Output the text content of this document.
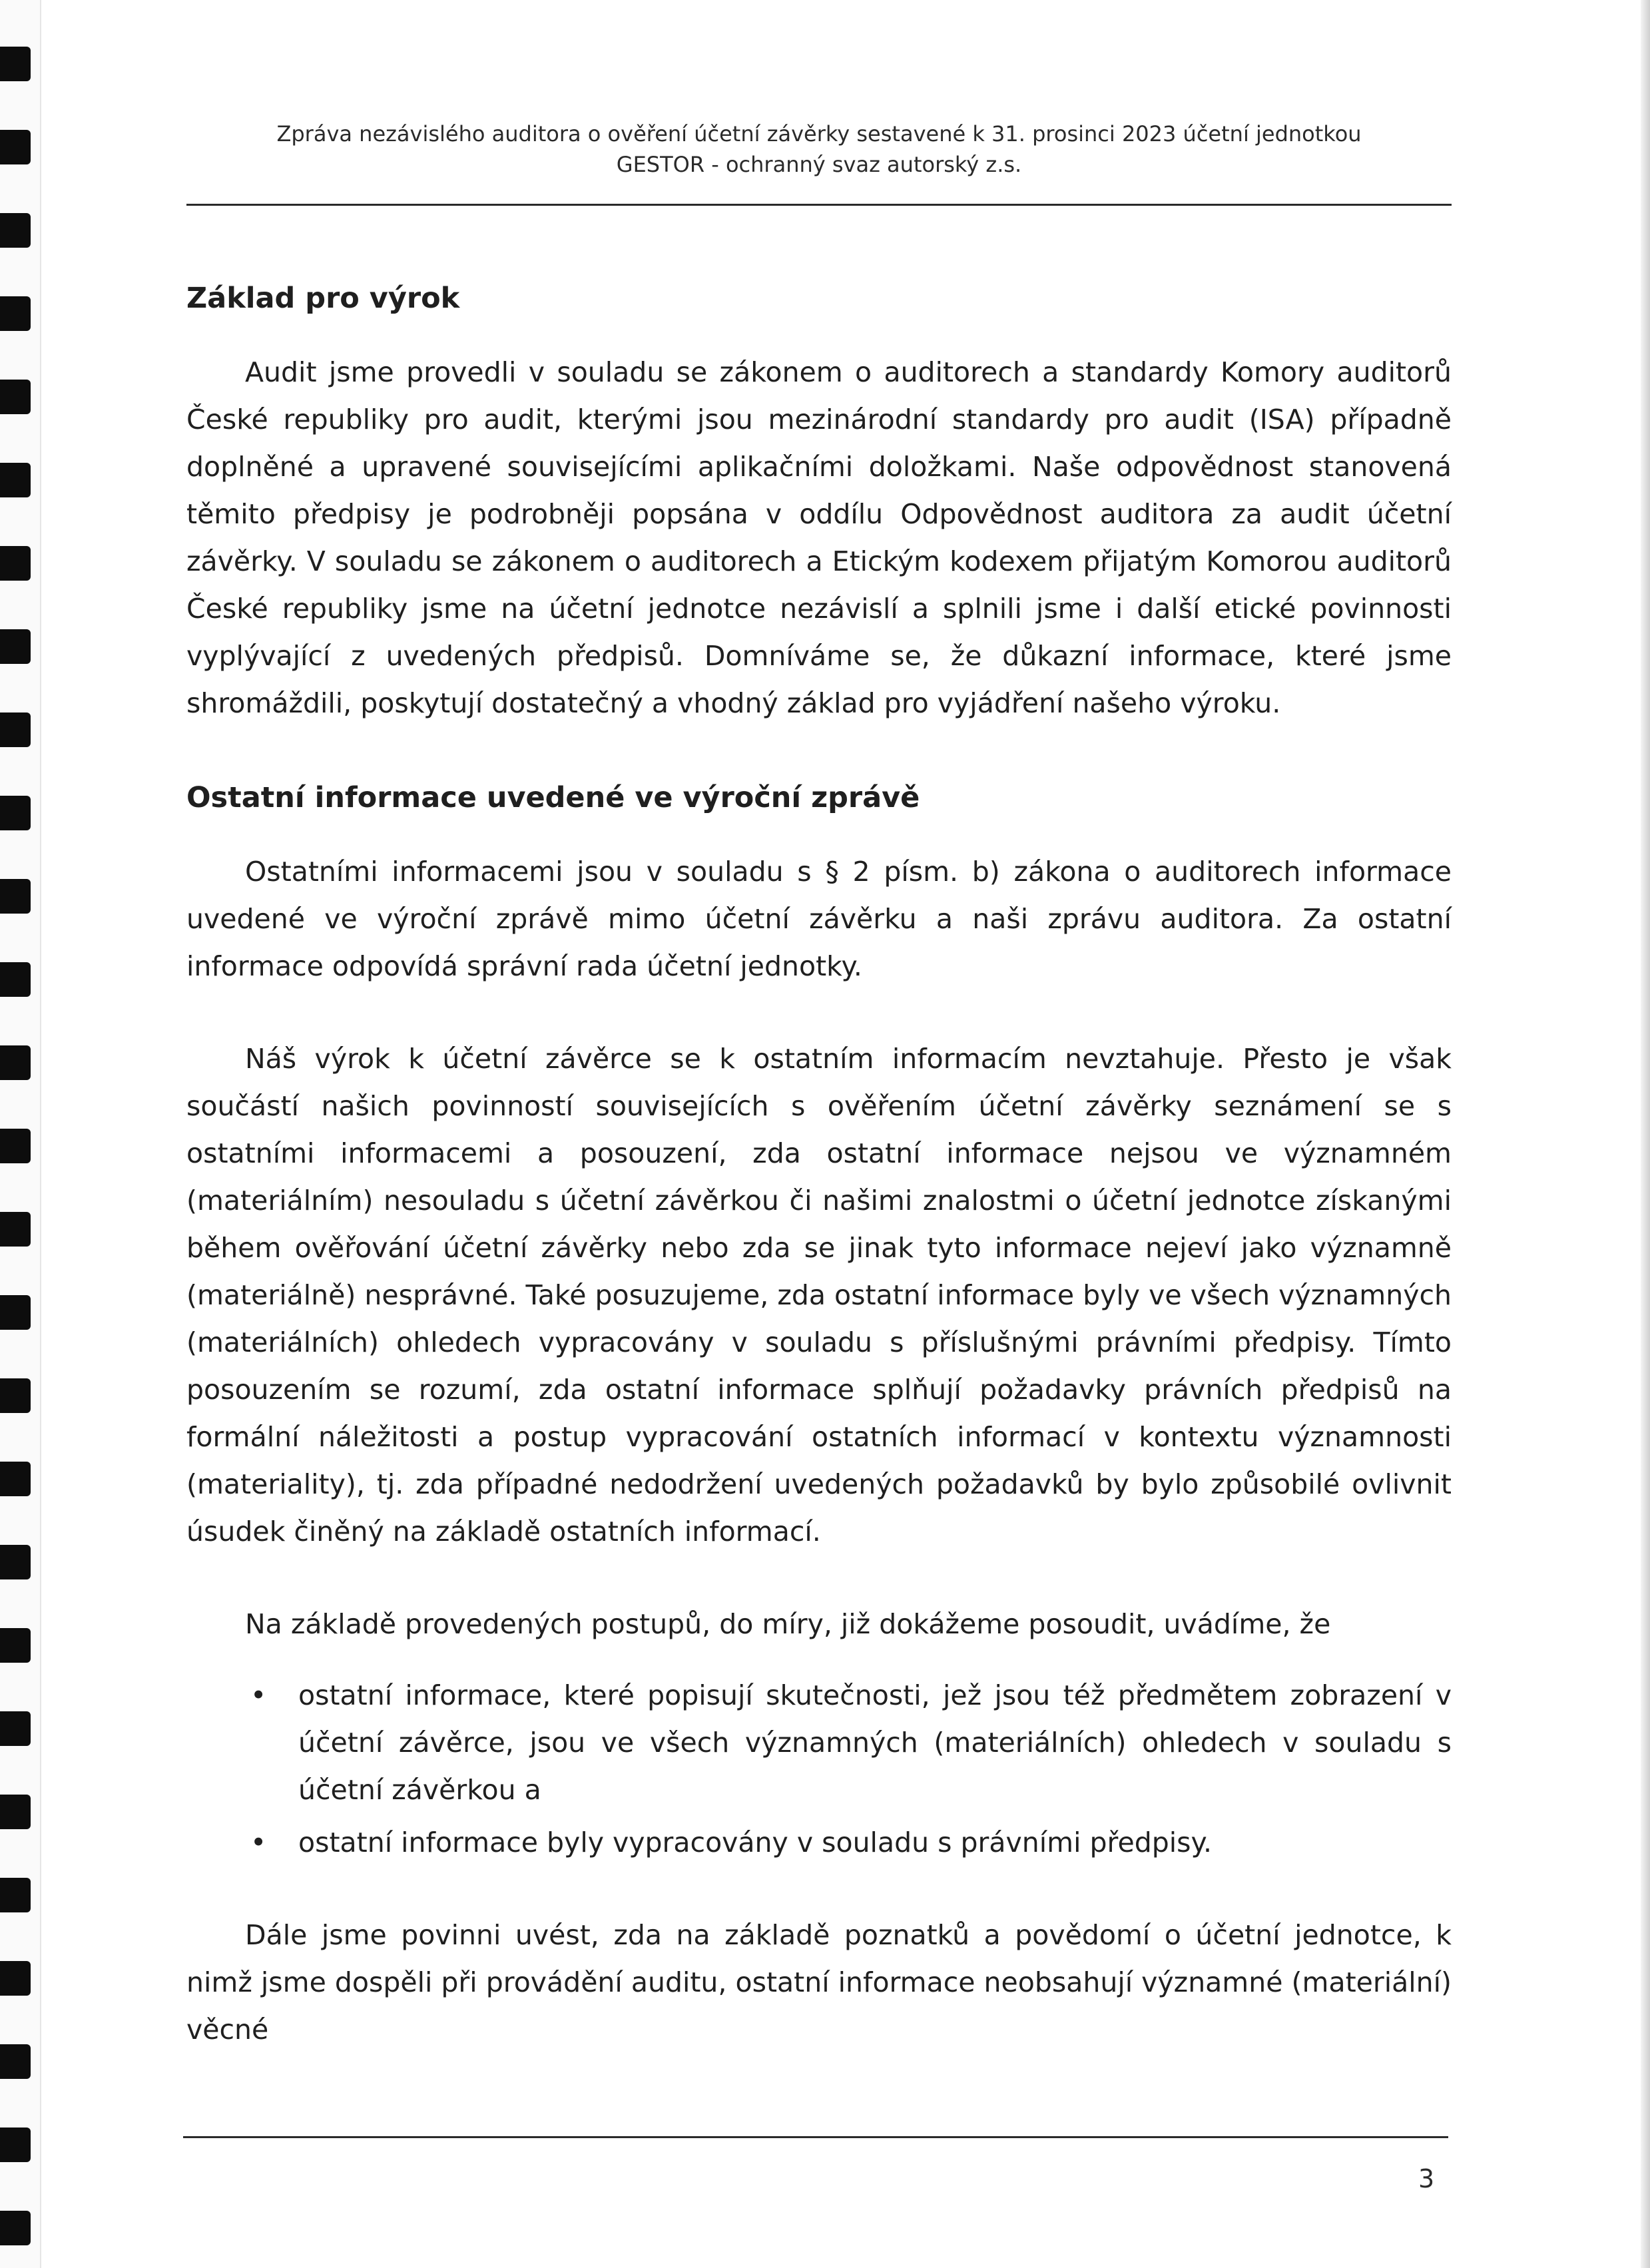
Zpráva nezávislého auditora o ověření účetní závěrky sestavené k 31. prosinci 2023 účetní jednotkou
GESTOR - ochranný svaz autorský z.s.
Základ pro výrok

Audit jsme provedli v souladu se zákonem o auditorech a standardy Komory auditorů České republiky pro audit, kterými jsou mezinárodní standardy pro audit (ISA) případně doplněné a upravené souvisejícími aplikačními doložkami. Naše odpovědnost stanovená těmito předpisy je podrobněji popsána v oddílu Odpovědnost auditora za audit účetní závěrky. V souladu se zákonem o auditorech a Etickým kodexem přijatým Komorou auditorů České republiky jsme na účetní jednotce nezávislí a splnili jsme i další etické povinnosti vyplývající z uvedených předpisů. Domníváme se, že důkazní informace, které jsme shromáždili, poskytují dostatečný a vhodný základ pro vyjádření našeho výroku.

Ostatní informace uvedené ve výroční zprávě

Ostatními informacemi jsou v souladu s § 2 písm. b) zákona o auditorech informace uvedené ve výroční zprávě mimo účetní závěrku a naši zprávu auditora. Za ostatní informace odpovídá správní rada účetní jednotky.

Náš výrok k účetní závěrce se k ostatním informacím nevztahuje. Přesto je však součástí našich povinností souvisejících s ověřením účetní závěrky seznámení se s ostatními informacemi a posouzení, zda ostatní informace nejsou ve významném (materiálním) nesouladu s účetní závěrkou či našimi znalostmi o účetní jednotce získanými během ověřování účetní závěrky nebo zda se jinak tyto informace nejeví jako významně (materiálně) nesprávné. Také posuzujeme, zda ostatní informace byly ve všech významných (materiálních) ohledech vypracovány v souladu s příslušnými právními předpisy. Tímto posouzením se rozumí, zda ostatní informace splňují požadavky právních předpisů na formální náležitosti a postup vypracování ostatních informací v kontextu významnosti (materiality), tj. zda případné nedodržení uvedených požadavků by bylo způsobilé ovlivnit úsudek činěný na základě ostatních informací.

Na základě provedených postupů, do míry, již dokážeme posoudit, uvádíme, že

• ostatní informace, které popisují skutečnosti, jež jsou též předmětem zobrazení v účetní závěrce, jsou ve všech významných (materiálních) ohledech v souladu s účetní závěrkou a
• ostatní informace byly vypracovány v souladu s právními předpisy.

Dále jsme povinni uvést, zda na základě poznatků a povědomí o účetní jednotce, k nimž jsme dospěli při provádění auditu, ostatní informace neobsahují významné (materiální) věcné

3
